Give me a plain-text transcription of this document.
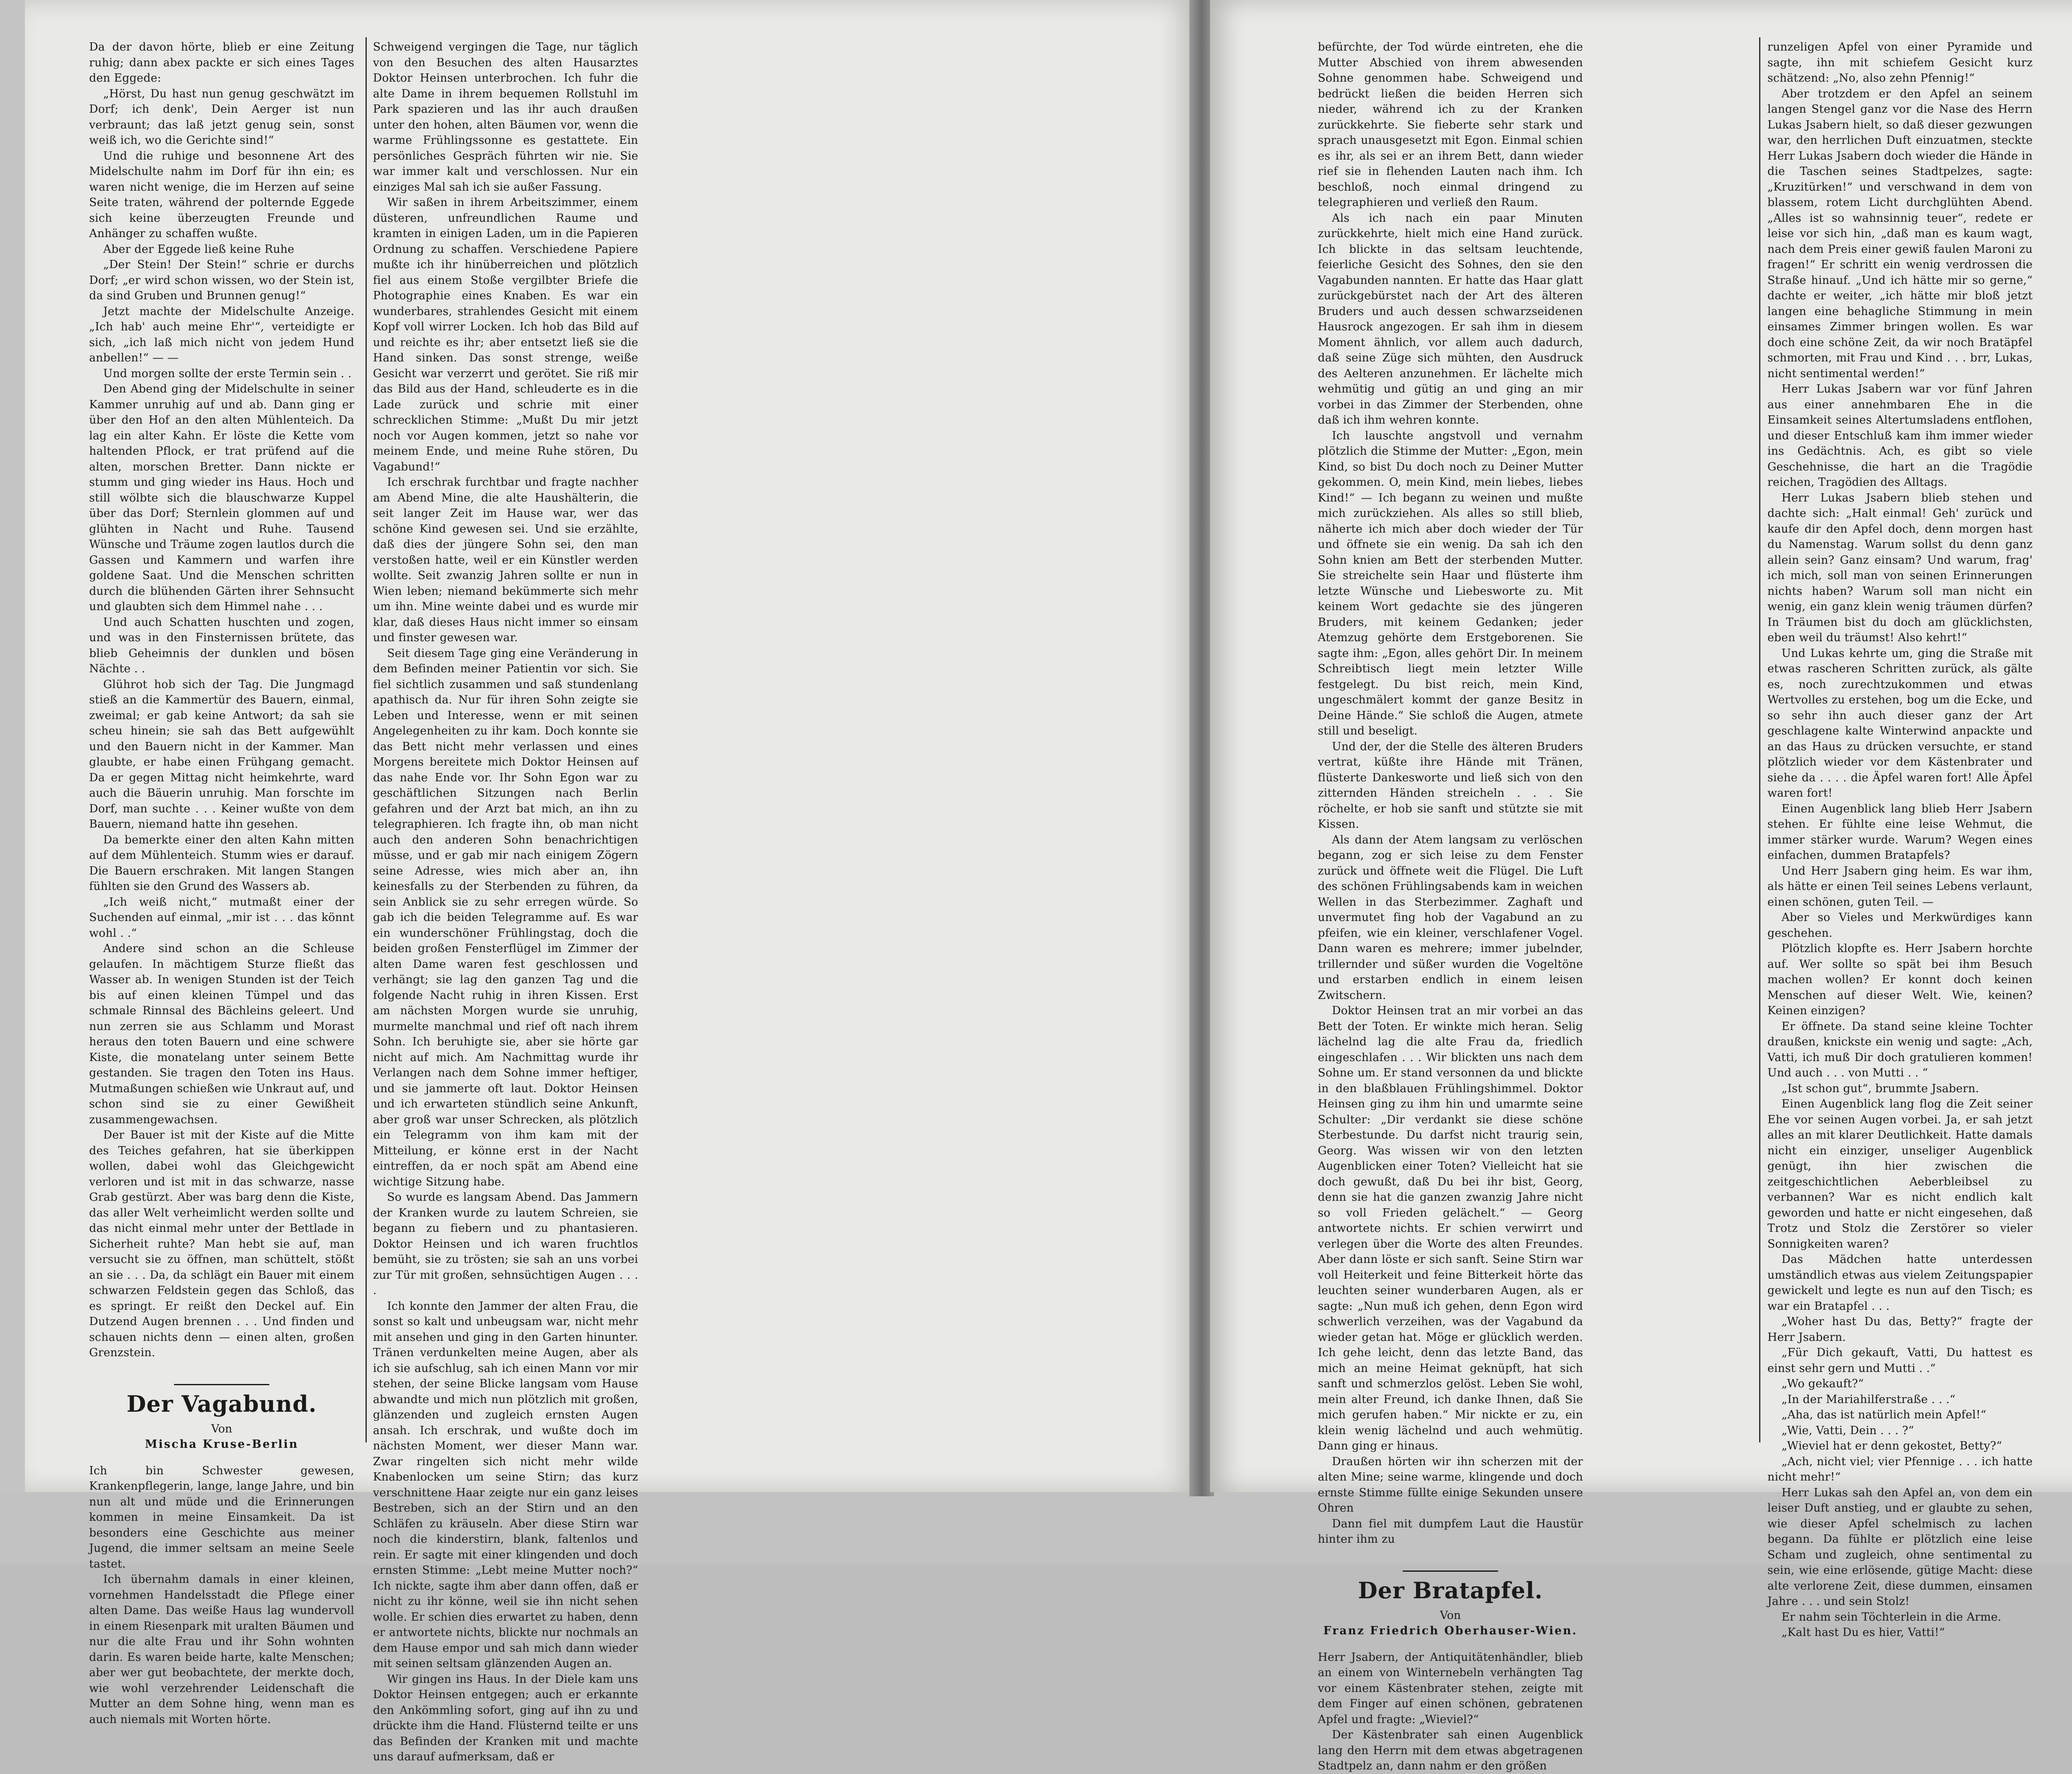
Da der davon hörte, blieb er eine Zeitung ruhig; dann abex packte er sich eines Tages den Eggede:

„Hörst, Du hast nun genug geschwätzt im Dorf; ich denk', Dein Aerger ist nun verbraunt; das laß jetzt genug sein, sonst weiß ich, wo die Gerichte sind!“

Und die ruhige und besonnene Art des Midelschulte nahm im Dorf für ihn ein; es waren nicht wenige, die im Herzen auf seine Seite traten, während der polternde Eggede sich keine überzeugten Freunde und Anhänger zu schaffen wußte.

Aber der Eggede ließ keine Ruhe

„Der Stein! Der Stein!“ schrie er durchs Dorf; „er wird schon wissen, wo der Stein ist, da sind Gruben und Brunnen genug!“

Jetzt machte der Midelschulte Anzeige. „Ich hab' auch meine Ehr'“, verteidigte er sich, „ich laß mich nicht von jedem Hund anbellen!“ — —

Und morgen sollte der erste Termin sein . .

Den Abend ging der Midelschulte in seiner Kammer unruhig auf und ab. Dann ging er über den Hof an den alten Mühlenteich. Da lag ein alter Kahn. Er löste die Kette vom haltenden Pflock, er trat prüfend auf die alten, morschen Bretter. Dann nickte er stumm und ging wieder ins Haus. Hoch und still wölbte sich die blauschwarze Kuppel über das Dorf; Sternlein glommen auf und glühten in Nacht und Ruhe. Tausend Wünsche und Träume zogen lautlos durch die Gassen und Kammern und warfen ihre goldene Saat. Und die Menschen schritten durch die blühenden Gärten ihrer Sehnsucht und glaubten sich dem Himmel nahe . . .

Und auch Schatten huschten und zogen, und was in den Finsternissen brütete, das blieb Geheimnis der dunklen und bösen Nächte . .

Glührot hob sich der Tag. Die Jungmagd stieß an die Kammertür des Bauern, einmal, zweimal; er gab keine Antwort; da sah sie scheu hinein; sie sah das Bett aufgewühlt und den Bauern nicht in der Kammer. Man glaubte, er habe einen Frühgang gemacht. Da er gegen Mittag nicht heimkehrte, ward auch die Bäuerin unruhig. Man forschte im Dorf, man suchte . . . Keiner wußte von dem Bauern, niemand hatte ihn gesehen.

Da bemerkte einer den alten Kahn mitten auf dem Mühlenteich. Stumm wies er darauf. Die Bauern erschraken. Mit langen Stangen fühlten sie den Grund des Wassers ab.

„Ich weiß nicht,“ mutmaßt einer der Suchenden auf einmal, „mir ist . . . das könnt wohl . .“

Andere sind schon an die Schleuse gelaufen. In mächtigem Sturze fließt das Wasser ab. In wenigen Stunden ist der Teich bis auf einen kleinen Tümpel und das schmale Rinnsal des Bächleins geleert. Und nun zerren sie aus Schlamm und Morast heraus den toten Bauern und eine schwere Kiste, die monatelang unter seinem Bette gestanden. Sie tragen den Toten ins Haus. Mutmaßungen schießen wie Unkraut auf, und schon sind sie zu einer Gewißheit zusammengewachsen.

Der Bauer ist mit der Kiste auf die Mitte des Teiches gefahren, hat sie überkippen wollen, dabei wohl das Gleichgewicht verloren und ist mit in das schwarze, nasse Grab gestürzt. Aber was barg denn die Kiste, das aller Welt verheimlicht werden sollte und das nicht einmal mehr unter der Bettlade in Sicherheit ruhte? Man hebt sie auf, man versucht sie zu öffnen, man schüttelt, stößt an sie . . . Da, da schlägt ein Bauer mit einem schwarzen Feldstein gegen das Schloß, das es springt. Er reißt den Deckel auf. Ein Dutzend Augen brennen . . . Und finden und schauen nichts denn — einen alten, großen Grenzstein.

Der Vagabund.
Von
Mischa Kruse-Berlin

Ich bin Schwester gewesen, Krankenpflegerin, lange, lange Jahre, und bin nun alt und müde und die Erinnerungen kommen in meine Einsamkeit. Da ist besonders eine Geschichte aus meiner Jugend, die immer seltsam an meine Seele tastet.

Ich übernahm damals in einer kleinen, vornehmen Handelsstadt die Pflege einer alten Dame. Das weiße Haus lag wundervoll in einem Riesenpark mit uralten Bäumen und nur die alte Frau und ihr Sohn wohnten darin. Es waren beide harte, kalte Menschen; aber wer gut beobachtete, der merkte doch, wie wohl verzehrender Leidenschaft die Mutter an dem Sohne hing, wenn man es auch niemals mit Worten hörte.

Schweigend vergingen die Tage, nur täglich von den Besuchen des alten Hausarztes Doktor Heinsen unterbrochen. Ich fuhr die alte Dame in ihrem bequemen Rollstuhl im Park spazieren und las ihr auch draußen unter den hohen, alten Bäumen vor, wenn die warme Frühlingssonne es gestattete. Ein persönliches Gespräch führten wir nie. Sie war immer kalt und verschlossen. Nur ein einziges Mal sah ich sie außer Fassung.

Wir saßen in ihrem Arbeitszimmer, einem düsteren, unfreundlichen Raume und kramten in einigen Laden, um in die Papieren Ordnung zu schaffen. Verschiedene Papiere mußte ich ihr hinüberreichen und plötzlich fiel aus einem Stoße vergilbter Briefe die Photographie eines Knaben. Es war ein wunderbares, strahlendes Gesicht mit einem Kopf voll wirrer Locken. Ich hob das Bild auf und reichte es ihr; aber entsetzt ließ sie die Hand sinken. Das sonst strenge, weiße Gesicht war verzerrt und gerötet. Sie riß mir das Bild aus der Hand, schleuderte es in die Lade zurück und schrie mit einer schrecklichen Stimme: „Mußt Du mir jetzt noch vor Augen kommen, jetzt so nahe vor meinem Ende, und meine Ruhe stören, Du Vagabund!“

Ich erschrak furchtbar und fragte nachher am Abend Mine, die alte Haushälterin, die seit langer Zeit im Hause war, wer das schöne Kind gewesen sei. Und sie erzählte, daß dies der jüngere Sohn sei, den man verstoßen hatte, weil er ein Künstler werden wollte. Seit zwanzig Jahren sollte er nun in Wien leben; niemand bekümmerte sich mehr um ihn. Mine weinte dabei und es wurde mir klar, daß dieses Haus nicht immer so einsam und finster gewesen war.

Seit diesem Tage ging eine Veränderung in dem Befinden meiner Patientin vor sich. Sie fiel sichtlich zusammen und saß stundenlang apathisch da. Nur für ihren Sohn zeigte sie Leben und Interesse, wenn er mit seinen Angelegenheiten zu ihr kam. Doch konnte sie das Bett nicht mehr verlassen und eines Morgens bereitete mich Doktor Heinsen auf das nahe Ende vor. Ihr Sohn Egon war zu geschäftlichen Sitzungen nach Berlin gefahren und der Arzt bat mich, an ihn zu telegraphieren. Ich fragte ihn, ob man nicht auch den anderen Sohn benachrichtigen müsse, und er gab mir nach einigem Zögern seine Adresse, wies mich aber an, ihn keinesfalls zu der Sterbenden zu führen, da sein Anblick sie zu sehr erregen würde. So gab ich die beiden Telegramme auf. Es war ein wunderschöner Frühlingstag, doch die beiden großen Fensterflügel im Zimmer der alten Dame waren fest geschlossen und verhängt; sie lag den ganzen Tag und die folgende Nacht ruhig in ihren Kissen. Erst am nächsten Morgen wurde sie unruhig, murmelte manchmal und rief oft nach ihrem Sohn. Ich beruhigte sie, aber sie hörte gar nicht auf mich. Am Nachmittag wurde ihr Verlangen nach dem Sohne immer heftiger, und sie jammerte oft laut. Doktor Heinsen und ich erwarteten stündlich seine Ankunft, aber groß war unser Schrecken, als plötzlich ein Telegramm von ihm kam mit der Mitteilung, er könne erst in der Nacht eintreffen, da er noch spät am Abend eine wichtige Sitzung habe.

So wurde es langsam Abend. Das Jammern der Kranken wurde zu lautem Schreien, sie begann zu fiebern und zu phantasieren. Doktor Heinsen und ich waren fruchtlos bemüht, sie zu trösten; sie sah an uns vorbei zur Tür mit großen, sehnsüchtigen Augen . . . .

Ich konnte den Jammer der alten Frau, die sonst so kalt und unbeugsam war, nicht mehr mit ansehen und ging in den Garten hinunter. Tränen verdunkelten meine Augen, aber als ich sie aufschlug, sah ich einen Mann vor mir stehen, der seine Blicke langsam vom Hause abwandte und mich nun plötzlich mit großen, glänzenden und zugleich ernsten Augen ansah. Ich erschrak, und wußte doch im nächsten Moment, wer dieser Mann war. Zwar ringelten sich nicht mehr wilde Knabenlocken um seine Stirn; das kurz verschnittene Haar zeigte nur ein ganz leises Bestreben, sich an der Stirn und an den Schläfen zu kräuseln. Aber diese Stirn war noch die kinderstirn, blank, faltenlos und rein. Er sagte mit einer klingenden und doch ernsten Stimme: „Lebt meine Mutter noch?“ Ich nickte, sagte ihm aber dann offen, daß er nicht zu ihr könne, weil sie ihn nicht sehen wolle. Er schien dies erwartet zu haben, denn er antwortete nichts, blickte nur nochmals an dem Hause empor und sah mich dann wieder mit seinen seltsam glänzenden Augen an.

Wir gingen ins Haus. In der Diele kam uns Doktor Heinsen entgegen; auch er erkannte den Ankömmling sofort, ging auf ihn zu und drückte ihm die Hand. Flüsternd teilte er uns das Befinden der Kranken mit und machte uns darauf aufmerksam, daß er

befürchte, der Tod würde eintreten, ehe die Mutter Abschied von ihrem abwesenden Sohne genommen habe. Schweigend und bedrückt ließen die beiden Herren sich nieder, während ich zu der Kranken zurückkehrte. Sie fieberte sehr stark und sprach unausgesetzt mit Egon. Einmal schien es ihr, als sei er an ihrem Bett, dann wieder rief sie in flehenden Lauten nach ihm. Ich beschloß, noch einmal dringend zu telegraphieren und verließ den Raum.

Als ich nach ein paar Minuten zurückkehrte, hielt mich eine Hand zurück. Ich blickte in das seltsam leuchtende, feierliche Gesicht des Sohnes, den sie den Vagabunden nannten. Er hatte das Haar glatt zurückgebürstet nach der Art des älteren Bruders und auch dessen schwarzseidenen Hausrock angezogen. Er sah ihm in diesem Moment ähnlich, vor allem auch dadurch, daß seine Züge sich mühten, den Ausdruck des Aelteren anzunehmen. Er lächelte mich wehmütig und gütig an und ging an mir vorbei in das Zimmer der Sterbenden, ohne daß ich ihm wehren konnte.

Ich lauschte angstvoll und vernahm plötzlich die Stimme der Mutter: „Egon, mein Kind, so bist Du doch noch zu Deiner Mutter gekommen. O, mein Kind, mein liebes, liebes Kind!“ — Ich begann zu weinen und mußte mich zurückziehen. Als alles so still blieb, näherte ich mich aber doch wieder der Tür und öffnete sie ein wenig. Da sah ich den Sohn knien am Bett der sterbenden Mutter. Sie streichelte sein Haar und flüsterte ihm letzte Wünsche und Liebesworte zu. Mit keinem Wort gedachte sie des jüngeren Bruders, mit keinem Gedanken; jeder Atemzug gehörte dem Erstgeborenen. Sie sagte ihm: „Egon, alles gehört Dir. In meinem Schreibtisch liegt mein letzter Wille festgelegt. Du bist reich, mein Kind, ungeschmälert kommt der ganze Besitz in Deine Hände.“ Sie schloß die Augen, atmete still und beseligt.

Und der, der die Stelle des älteren Bruders vertrat, küßte ihre Hände mit Tränen, flüsterte Dankesworte und ließ sich von den zitternden Händen streicheln . . . Sie röchelte, er hob sie sanft und stützte sie mit Kissen.

Als dann der Atem langsam zu verlöschen begann, zog er sich leise zu dem Fenster zurück und öffnete weit die Flügel. Die Luft des schönen Frühlingsabends kam in weichen Wellen in das Sterbezimmer. Zaghaft und unvermutet fing hob der Vagabund an zu pfeifen, wie ein kleiner, verschlafener Vogel. Dann waren es mehrere; immer jubelnder, trillernder und süßer wurden die Vogeltöne und erstarben endlich in einem leisen Zwitschern.

Doktor Heinsen trat an mir vorbei an das Bett der Toten. Er winkte mich heran. Selig lächelnd lag die alte Frau da, friedlich eingeschlafen . . . Wir blickten uns nach dem Sohne um. Er stand versonnen da und blickte in den blaßblauen Frühlingshimmel. Doktor Heinsen ging zu ihm hin und umarmte seine Schulter: „Dir verdankt sie diese schöne Sterbestunde. Du darfst nicht traurig sein, Georg. Was wissen wir von den letzten Augenblicken einer Toten? Vielleicht hat sie doch gewußt, daß Du bei ihr bist, Georg, denn sie hat die ganzen zwanzig Jahre nicht so voll Frieden gelächelt.“ — Georg antwortete nichts. Er schien verwirrt und verlegen über die Worte des alten Freundes. Aber dann löste er sich sanft. Seine Stirn war voll Heiterkeit und feine Bitterkeit hörte das leuchten seiner wunderbaren Augen, als er sagte: „Nun muß ich gehen, denn Egon wird schwerlich verzeihen, was der Vagabund da wieder getan hat. Möge er glücklich werden. Ich gehe leicht, denn das letzte Band, das mich an meine Heimat geknüpft, hat sich sanft und schmerzlos gelöst. Leben Sie wohl, mein alter Freund, ich danke Ihnen, daß Sie mich gerufen haben.“ Mir nickte er zu, ein klein wenig lächelnd und auch wehmütig. Dann ging er hinaus.

Draußen hörten wir ihn scherzen mit der alten Mine; seine warme, klingende und doch ernste Stimme füllte einige Sekunden unsere Ohren

Dann fiel mit dumpfem Laut die Haustür hinter ihm zu

Der Bratapfel.
Von
Franz Friedrich Oberhauser-Wien.

Herr Jsabern, der Antiquitätenhändler, blieb an einem von Winternebeln verhängten Tag vor einem Kästenbrater stehen, zeigte mit dem Finger auf einen schönen, gebratenen Apfel und fragte: „Wieviel?“

Der Kästenbrater sah einen Augenblick lang den Herrn mit dem etwas abgetragenen Stadtpelz an, dann nahm er den größen

runzeligen Apfel von einer Pyramide und sagte, ihn mit schiefem Gesicht kurz schätzend: „No, also zehn Pfennig!“

Aber trotzdem er den Apfel an seinem langen Stengel ganz vor die Nase des Herrn Lukas Jsabern hielt, so daß dieser gezwungen war, den herrlichen Duft einzuatmen, steckte Herr Lukas Jsabern doch wieder die Hände in die Taschen seines Stadtpelzes, sagte: „Kruzitürken!“ und verschwand in dem von blassem, rotem Licht durchglühten Abend. „Alles ist so wahnsinnig teuer“, redete er leise vor sich hin, „daß man es kaum wagt, nach dem Preis einer gewiß faulen Maroni zu fragen!“ Er schritt ein wenig verdrossen die Straße hinauf. „Und ich hätte mir so gerne,“ dachte er weiter, „ich hätte mir bloß jetzt langen eine behagliche Stimmung in mein einsames Zimmer bringen wollen. Es war doch eine schöne Zeit, da wir noch Bratäpfel schmorten, mit Frau und Kind . . . brr, Lukas, nicht sentimental werden!“

Herr Lukas Jsabern war vor fünf Jahren aus einer annehmbaren Ehe in die Einsamkeit seines Altertumsladens entflohen, und dieser Entschluß kam ihm immer wieder ins Gedächtnis. Ach, es gibt so viele Geschehnisse, die hart an die Tragödie reichen, Tragödien des Alltags.

Herr Lukas Jsabern blieb stehen und dachte sich: „Halt einmal! Geh' zurück und kaufe dir den Apfel doch, denn morgen hast du Namenstag. Warum sollst du denn ganz allein sein? Ganz einsam? Und warum, frag' ich mich, soll man von seinen Erinnerungen nichts haben? Warum soll man nicht ein wenig, ein ganz klein wenig träumen dürfen? In Träumen bist du doch am glücklichsten, eben weil du träumst! Also kehrt!“

Und Lukas kehrte um, ging die Straße mit etwas rascheren Schritten zurück, als gälte es, noch zurechtzukommen und etwas Wertvolles zu erstehen, bog um die Ecke, und so sehr ihn auch dieser ganz der Art geschlagene kalte Winterwind anpackte und an das Haus zu drücken versuchte, er stand plötzlich wieder vor dem Kästenbrater und siehe da . . . . die Äpfel waren fort! Alle Äpfel waren fort!

Einen Augenblick lang blieb Herr Jsabern stehen. Er fühlte eine leise Wehmut, die immer stärker wurde. Warum? Wegen eines einfachen, dummen Bratapfels?

Und Herr Jsabern ging heim. Es war ihm, als hätte er einen Teil seines Lebens verlaunt, einen schönen, guten Teil. —

Aber so Vieles und Merkwürdiges kann geschehen.

Plötzlich klopfte es. Herr Jsabern horchte auf. Wer sollte so spät bei ihm Besuch machen wollen? Er konnt doch keinen Menschen auf dieser Welt. Wie, keinen? Keinen einzigen?

Er öffnete. Da stand seine kleine Tochter draußen, knickste ein wenig und sagte: „Ach, Vatti, ich muß Dir doch gratulieren kommen! Und auch . . . von Mutti . . “

„Ist schon gut“, brummte Jsabern.

Einen Augenblick lang flog die Zeit seiner Ehe vor seinen Augen vorbei. Ja, er sah jetzt alles an mit klarer Deutlichkeit. Hatte damals nicht ein einziger, unseliger Augenblick genügt, ihn hier zwischen die zeitgeschichtlichen Aeberbleibsel zu verbannen? War es nicht endlich kalt geworden und hatte er nicht eingesehen, daß Trotz und Stolz die Zerstörer so vieler Sonnigkeiten waren?

Das Mädchen hatte unterdessen umständlich etwas aus vielem Zeitungspapier gewickelt und legte es nun auf den Tisch; es war ein Bratapfel . . .

„Woher hast Du das, Betty?“ fragte der Herr Jsabern.

„Für Dich gekauft, Vatti, Du hattest es einst sehr gern und Mutti . .“

„Wo gekauft?“

„In der Mariahilferstraße . . .“

„Aha, das ist natürlich mein Apfel!“

„Wie, Vatti, Dein . . . ?“

„Wieviel hat er denn gekostet, Betty?“

„Ach, nicht viel; vier Pfennige . . . ich hatte nicht mehr!“

Herr Lukas sah den Apfel an, von dem ein leiser Duft anstieg, und er glaubte zu sehen, wie dieser Apfel schelmisch zu lachen begann. Da fühlte er plötzlich eine leise Scham und zugleich, ohne sentimental zu sein, wie eine erlösende, gütige Macht: diese alte verlorene Zeit, diese dummen, einsamen Jahre . . . und sein Stolz!

Er nahm sein Töchterlein in die Arme.

„Kalt hast Du es hier, Vatti!“
